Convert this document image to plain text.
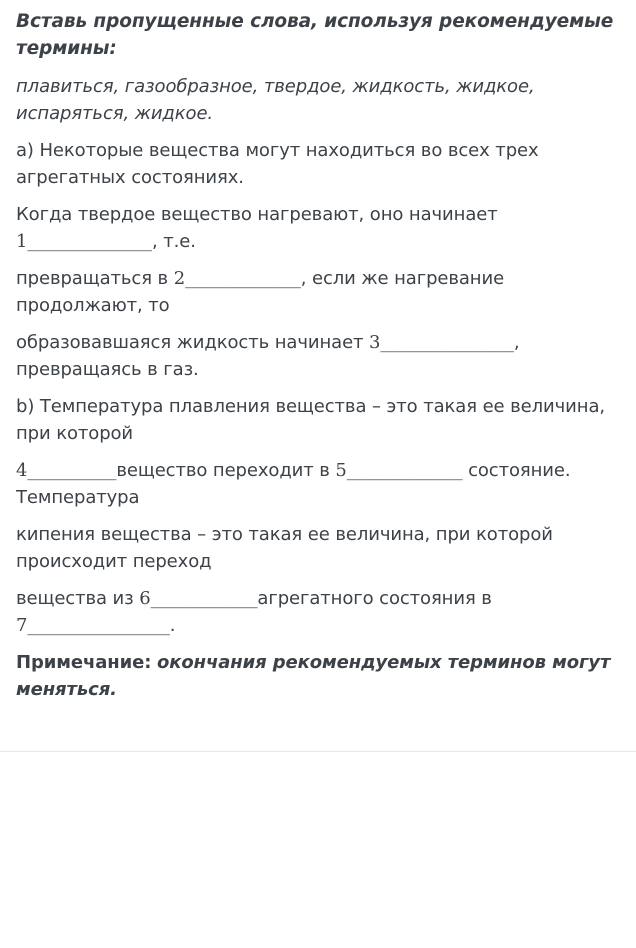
Вставь пропущенные слова, используя рекомендуемые термины:

плавиться, газообразное, твердое, жидкость, жидкое, испаряться, жидкое.

а) Некоторые вещества могут находиться во всех трех агрегатных состояниях.

Когда твердое вещество нагревают, оно начинает 1______________, т.е.

превращаться в 2_____________, если же нагревание продолжают, то

образовавшаяся жидкость начинает 3_______________, превращаясь в газ.

b) Температура плавления вещества – это такая ее величина, при которой

4__________вещество переходит в 5_____________ состояние. Температура

кипения вещества – это такая ее величина, при которой происходит переход

вещества из 6____________агрегатного состояния в 7________________.

Примечание: окончания рекомендуемых терминов могут меняться.
